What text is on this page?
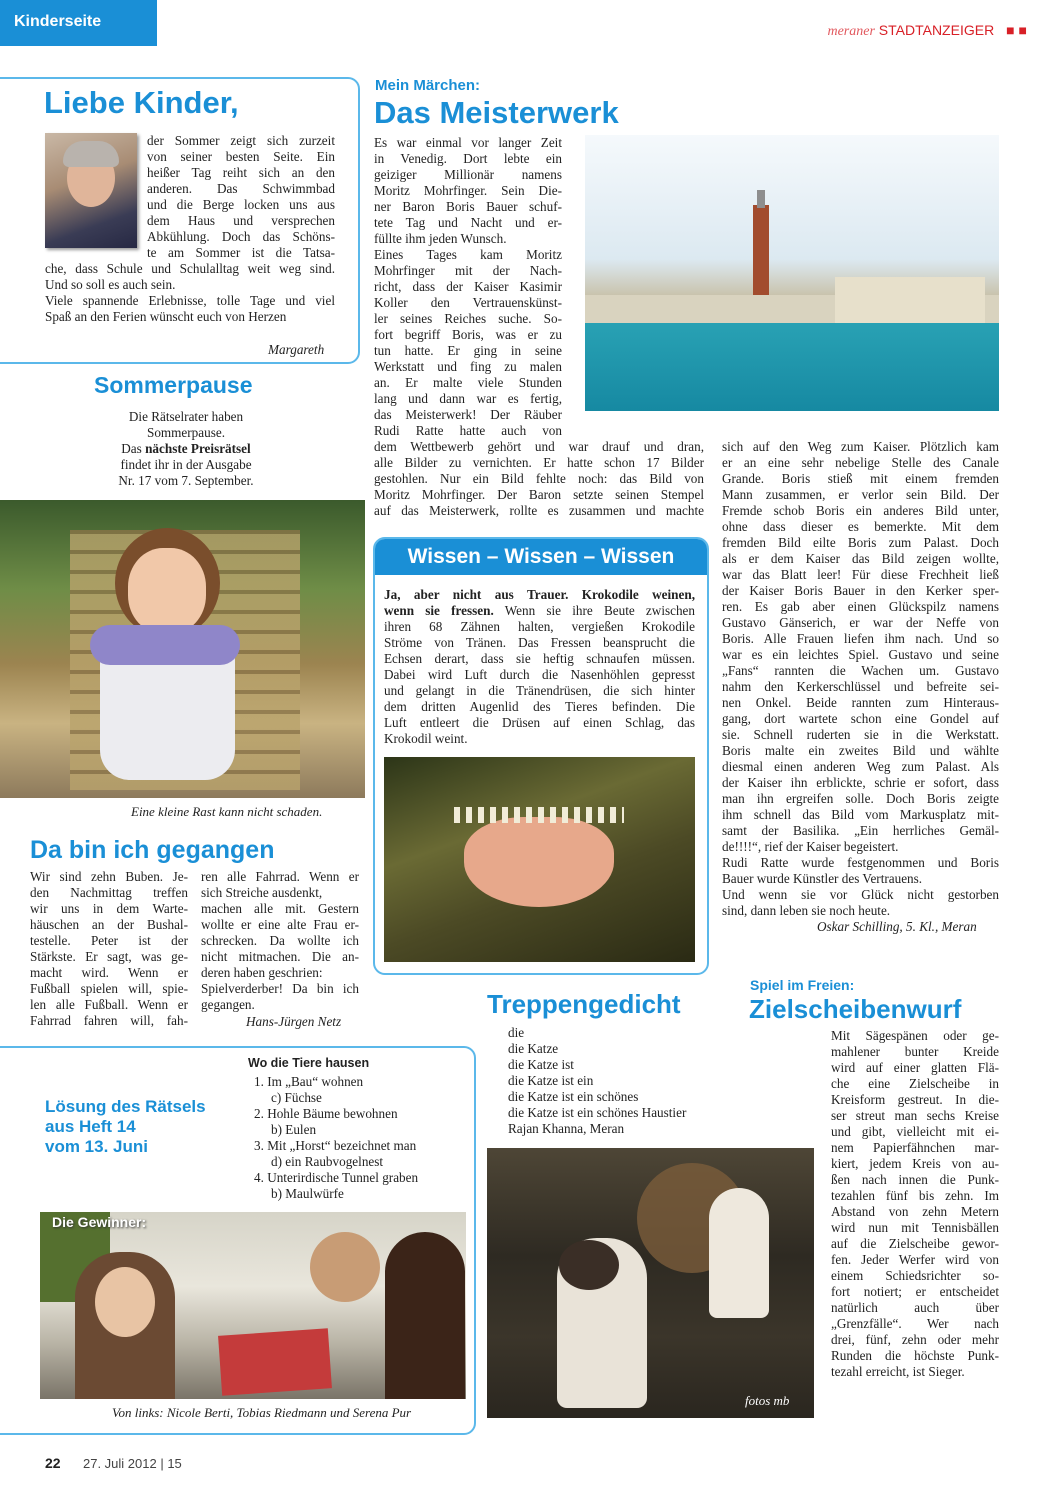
Kinderseite
meraner STADTANZEIGER ■■
Liebe Kinder,
der Sommer zeigt sich zurzeit
von seiner besten Seite. Ein
heißer Tag reiht sich an den
anderen. Das Schwimmbad
und die Berge locken uns aus
dem Haus und versprechen
Abkühlung. Doch das Schöns-
te am Sommer ist die Tatsa-
che, dass Schule und Schulalltag weit weg sind.
Und so soll es auch sein.
Viele spannende Erlebnisse, tolle Tage und viel
Spaß an den Ferien wünscht euch von Herzen
Margareth
Sommerpause
Die Rätselrater haben
Sommerpause.
Das nächste Preisrätsel
findet ihr in der Ausgabe
Nr. 17 vom 7. September.
Eine kleine Rast kann nicht schaden.
Da bin ich gegangen
Wir sind zehn Buben. Je-
den Nachmittag treffen
wir uns in dem Warte-
häuschen an der Bushal-
testelle. Peter ist der
Stärkste. Er sagt, was ge-
macht wird. Wenn er
Fußball spielen will, spie-
len alle Fußball. Wenn er
Fahrrad fahren will, fah-
ren alle Fahrrad. Wenn er
sich Streiche ausdenkt,
machen alle mit. Gestern
wollte er eine alte Frau er-
schrecken. Da wollte ich
nicht mitmachen. Die an-
deren haben geschrien:
Spielverderber! Da bin ich
gegangen.
Hans-Jürgen Netz
Lösung des Rätsels
aus Heft 14
vom 13. Juni
Wo die Tiere hausen
1. Im „Bau“ wohnen
c) Füchse
2. Hohle Bäume bewohnen
b) Eulen
3. Mit „Horst“ bezeichnet man
d) ein Raubvogelnest
4. Unterirdische Tunnel graben
b) Maulwürfe
Die Gewinner:
Von links: Nicole Berti, Tobias Riedmann und Serena Pur
Mein Märchen:
Das Meisterwerk
Es war einmal vor langer Zeit
in Venedig. Dort lebte ein
geiziger Millionär namens
Moritz Mohrfinger. Sein Die-
ner Baron Boris Bauer schuf-
tete Tag und Nacht und er-
füllte ihm jeden Wunsch.
Eines Tages kam Moritz
Mohrfinger mit der Nach-
richt, dass der Kaiser Kasimir
Koller den Vertrauenskünst-
ler seines Reiches suche. So-
fort begriff Boris, was er zu
tun hatte. Er ging in seine
Werkstatt und fing zu malen
an. Er malte viele Stunden
lang und dann war es fertig,
das Meisterwerk! Der Räuber
Rudi Ratte hatte auch von
dem Wettbewerb gehört und war drauf und dran,
alle Bilder zu vernichten. Er hatte schon 17 Bilder
gestohlen. Nur ein Bild fehlte noch: das Bild von
Moritz Mohrfinger. Der Baron setzte seinen Stempel
auf das Meisterwerk, rollte es zusammen und machte
sich auf den Weg zum Kaiser. Plötzlich kam
er an eine sehr nebelige Stelle des Canale
Grande. Boris stieß mit einem fremden
Mann zusammen, er verlor sein Bild. Der
Fremde schob Boris ein anderes Bild unter,
ohne dass dieser es bemerkte. Mit dem
fremden Bild eilte Boris zum Palast. Doch
als er dem Kaiser das Bild zeigen wollte,
war das Blatt leer! Für diese Frechheit ließ
der Kaiser Boris Bauer in den Kerker sper-
ren. Es gab aber einen Glückspilz namens
Gustavo Gänserich, er war der Neffe von
Boris. Alle Frauen liefen ihm nach. Und so
war es ein leichtes Spiel. Gustavo und seine
„Fans“ rannten die Wachen um. Gustavo
nahm den Kerkerschlüssel und befreite sei-
nen Onkel. Beide rannten zum Hinteraus-
gang, dort wartete schon eine Gondel auf
sie. Schnell ruderten sie in die Werkstatt.
Boris malte ein zweites Bild und wählte
diesmal einen anderen Weg zum Palast. Als
der Kaiser ihn erblickte, schrie er sofort, dass
man ihn ergreifen solle. Doch Boris zeigte
ihm schnell das Bild vom Markusplatz mit-
samt der Basilika. „Ein herrliches Gemäl-
de!!!!“, rief der Kaiser begeistert.
Rudi Ratte wurde festgenommen und Boris
Bauer wurde Künstler des Vertrauens.
Und wenn sie vor Glück nicht gestorben
sind, dann leben sie noch heute.
Oskar Schilling, 5. Kl., Meran
Wissen – Wissen – Wissen
Ja, aber nicht aus Trauer. Krokodile weinen,
wenn sie fressen. Wenn sie ihre Beute zwischen
ihren 68 Zähnen halten, vergießen Krokodile
Ströme von Tränen. Das Fressen beansprucht die
Echsen derart, dass sie heftig schnaufen müssen.
Dabei wird Luft durch die Nasenhöhlen gepresst
und gelangt in die Tränendrüsen, die sich hinter
dem dritten Augenlid des Tieres befinden. Die
Luft entleert die Drüsen auf einen Schlag, das
Krokodil weint.
Treppengedicht
die
die Katze
die Katze ist
die Katze ist ein
die Katze ist ein schönes
die Katze ist ein schönes Haustier
Rajan Khanna, Meran
fotos mb
Spiel im Freien:
Zielscheibenwurf
Mit Sägespänen oder ge-
mahlener bunter Kreide
wird auf einer glatten Flä-
che eine Zielscheibe in
Kreisform gestreut. In die-
ser streut man sechs Kreise
und gibt, vielleicht mit ei-
nem Papierfähnchen mar-
kiert, jedem Kreis von au-
ßen nach innen die Punk-
tezahlen fünf bis zehn. Im
Abstand von zehn Metern
wird nun mit Tennisbällen
auf die Zielscheibe gewor-
fen. Jeder Werfer wird von
einem Schiedsrichter so-
fort notiert; er entscheidet
natürlich auch über
„Grenzfälle“. Wer nach
drei, fünf, zehn oder mehr
Runden die höchste Punk-
tezahl erreicht, ist Sieger.
22 27. Juli 2012 | 15
